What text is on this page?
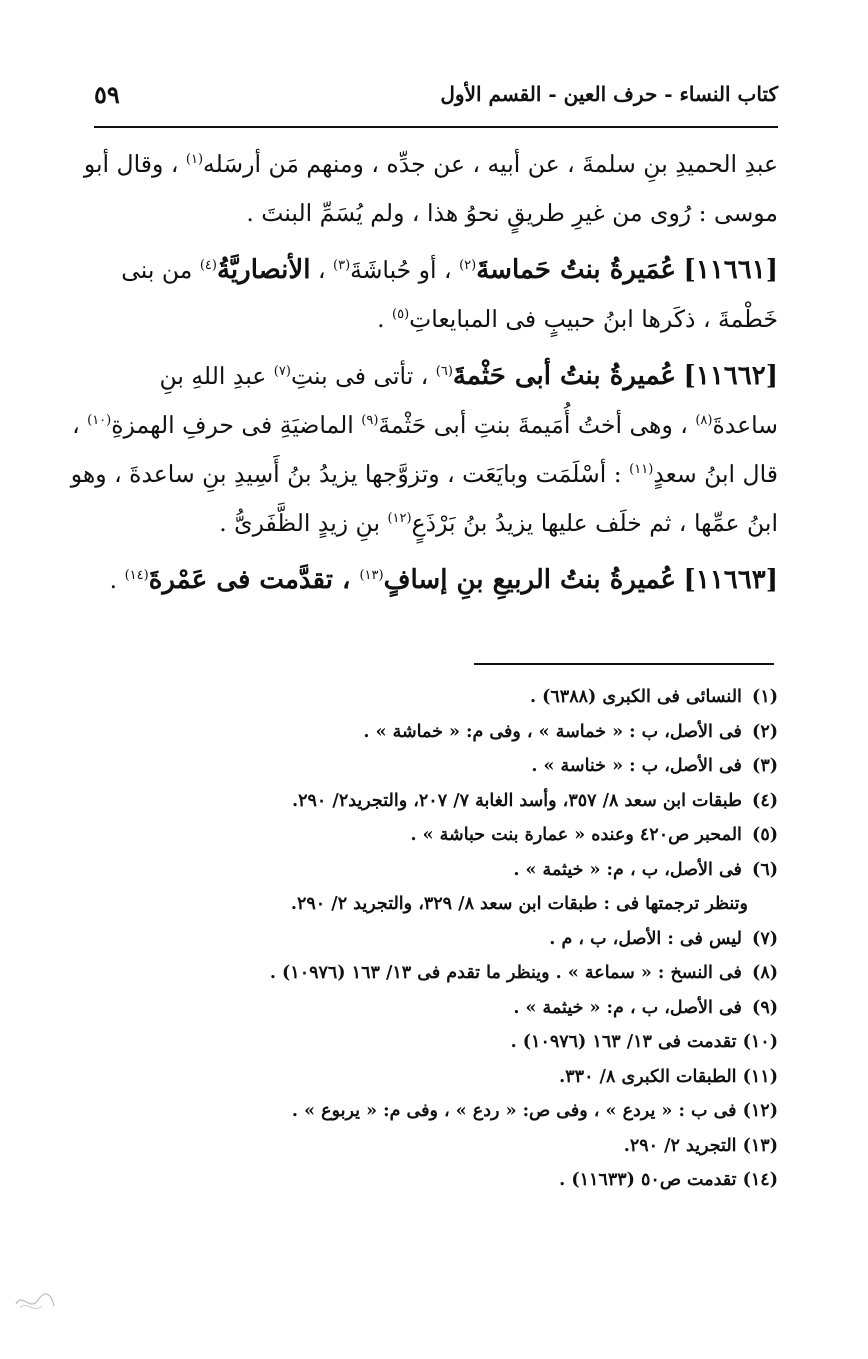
٥٩	كتاب النساء - حرف العين - القسم الأول
عبدِ الحميدِ بنِ سلمةَ ، عن أبيه ، عن جدِّه ، ومنهم مَن أرسَله$^{(١)}$ ، وقال أبو
موسى : رُوى من غيرِ طريقٍ نحوُ هذا ، ولم يُسَمِّ البنتَ .
[١١٦٦١] عُمَيرةُ بنتُ حَماسةَ$^{(٢)}$ ، أو حُباشَةَ$^{(٣)}$ ، الأنصاريَّةُ$^{(٤)}$ من بنى
خَطْمةَ ، ذكَرها ابنُ حبيبٍ فى المبايعاتِ$^{(٥)}$ .
[١١٦٦٢] عُميرةُ بنتُ أبى حَثْمةَ$^{(٦)}$ ، تأتى فى بنتِ$^{(٧)}$ عبدِ اللهِ بنِ
ساعدةَ$^{(٨)}$ ، وهى أختُ أُمَيمةَ بنتِ أبى حَثْمةَ$^{(٩)}$ الماضيَةِ فى حرفِ الهمزةِ$^{(١٠)}$ ،
قال ابنُ سعدٍ$^{(١١)}$ : أسْلَمَت وبايَعَت ، وتزوَّجها يزيدُ بنُ أَسِيدِ بنِ ساعدةَ ، وهو
ابنُ عمِّها ، ثم خلَف عليها يزيدُ بنُ بَرْذَعٍ$^{(١٢)}$ بنِ زيدٍ الظَّفَرىُّ .
[١١٦٦٣] عُميرةُ بنتُ الربيعِ بنِ إسافٍ$^{(١٣)}$ ، تقدَّمت فى عَمْرةَ$^{(١٤)}$ .
(١) النسائى فى الكبرى (٦٣٨٨) .
(٢) فى الأصل، ب : « خماسة » ، وفى م: « خماشة » .
(٣) فى الأصل، ب : « خناسة » .
(٤) طبقات ابن سعد ٨/ ٣٥٧، وأسد الغابة ٧/ ٢٠٧، والتجريد٢/ ٢٩٠.
(٥) المحبر ص٤٢٠ وعنده « عمارة بنت حباشة » .
(٦) فى الأصل، ب ، م: « خيثمة » .
وتنظر ترجمتها فى : طبقات ابن سعد ٨/ ٣٢٩، والتجريد ٢/ ٢٩٠.
(٧) ليس فى : الأصل، ب ، م .
(٨) فى النسخ : « سماعة » . وينظر ما تقدم فى ١٣/ ١٦٣ (١٠٩٧٦) .
(٩) فى الأصل، ب ، م: « خيثمة » .
(١٠) تقدمت فى ١٣/ ١٦٣ (١٠٩٧٦) .
(١١) الطبقات الكبرى ٨/ ٣٣٠.
(١٢) فى ب : « يردع » ، وفى ص: « ردع » ، وفى م: « يربوع » .
(١٣) التجريد ٢/ ٢٩٠.
(١٤) تقدمت ص٥٠ (١١٦٣٣) .
